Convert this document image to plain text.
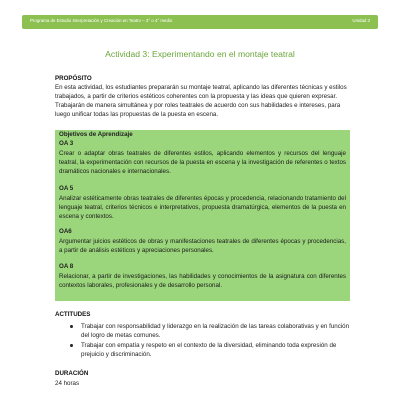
Programa de Estudio Interpretación y Creación en Teatro – 3° o 4° medio	Unidad 3
Actividad 3: Experimentando en el montaje teatral
PROPÓSITO

En esta actividad, los estudiantes prepararán su montaje teatral, aplicando las diferentes técnicas y estilos trabajados, a partir de criterios estéticos coherentes con la propuesta y las ideas que quieren expresar. Trabajarán de manera simultánea y por roles teatrales de acuerdo con sus habilidades e intereses, para luego unificar todas las propuestas de la puesta en escena.

Objetivos de Aprendizaje
OA 3

Crear o adaptar obras teatrales de diferentes estilos, aplicando elementos y recursos del lenguaje teatral, la experimentación con recursos de la puesta en escena y la investigación de referentes o textos dramáticos nacionales e internacionales.

OA 5

Analizar estéticamente obras teatrales de diferentes épocas y procedencia, relacionando tratamiento del lenguaje teatral, criterios técnicos e interpretativos, propuesta dramatúrgica, elementos de la puesta en escena y contextos.

OA6

Argumentar juicios estéticos de obras y manifestaciones teatrales de diferentes épocas y procedencias, a partir de análisis estéticos y apreciaciones personales.

OA 8

Relacionar, a partir de investigaciones, las habilidades y conocimientos de la asignatura con diferentes contextos laborales, profesionales y de desarrollo personal.

ACTITUDES
Trabajar con responsabilidad y liderazgo en la realización de las tareas colaborativas y en función del logro de metas comunes.
Trabajar con empatía y respeto en el contexto de la diversidad, eliminando toda expresión de prejuicio y discriminación.
DURACIÓN
24 horas
